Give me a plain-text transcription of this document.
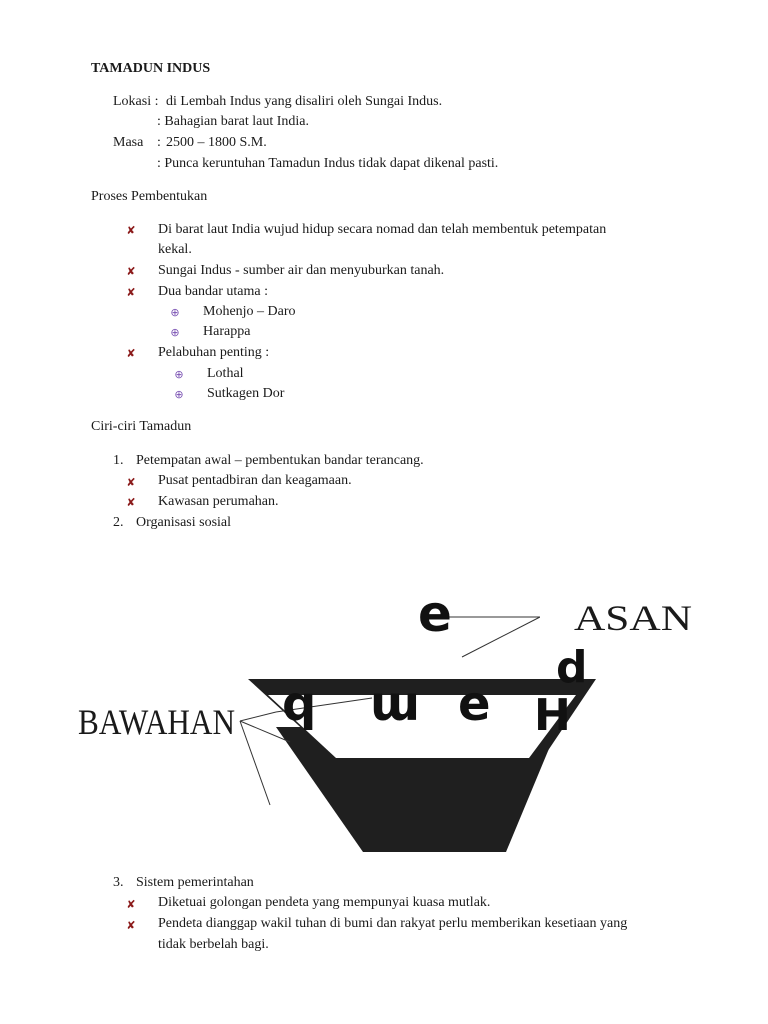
TAMADUN INDUS
Lokasi : di Lembah Indus yang disaliri oleh Sungai Indus.
: Bahagian barat laut India.
Masa : 2500 – 1800 S.M.
: Punca keruntuhan Tamadun Indus tidak dapat dikenal pasti.
Proses Pembentukan
✘ Di barat laut India wujud hidup secara nomad dan telah membentuk petempatan
kekal.
✘ Sungai Indus - sumber air dan menyuburkan tanah.
✘ Dua bandar utama :
⊕ Mohenjo – Daro
⊕ Harappa
✘ Pelabuhan penting :
⊕ Lothal
⊕ Sutkagen Dor
Ciri-ciri Tamadun
1. Petempatan awal – pembentukan bandar terancang.
✘ Pusat pentadbiran dan keagamaan.
✘ Kawasan perumahan.
2. Organisasi sosial
BAWAHAN
ASAN
e
d
q ɯ e H
3. Sistem pemerintahan
✘ Diketuai golongan pendeta yang mempunyai kuasa mutlak.
✘ Pendeta dianggap wakil tuhan di bumi dan rakyat perlu memberikan kesetiaan yang
tidak berbelah bagi.
